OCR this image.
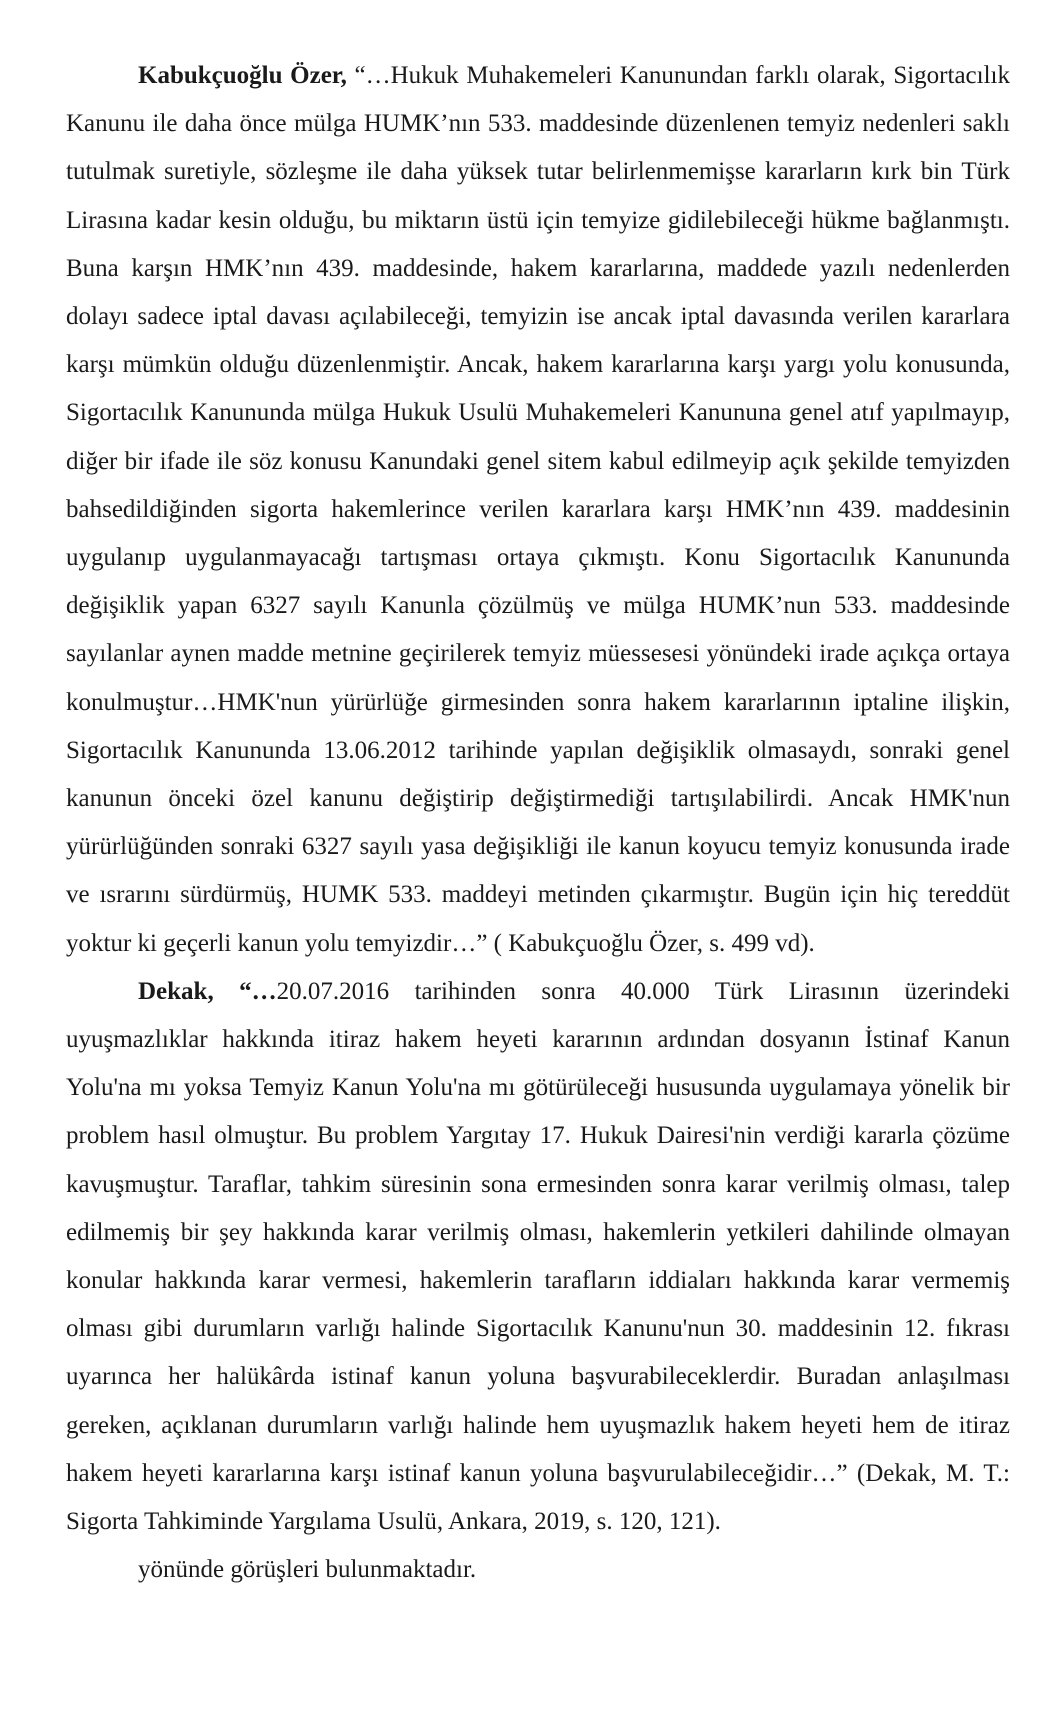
Kabukçuoğlu Özer, “…Hukuk Muhakemeleri Kanunundan farklı olarak, Sigortacılık Kanunu ile daha önce mülga HUMK’nın 533. maddesinde düzenlenen temyiz nedenleri saklı tutulmak suretiyle, sözleşme ile daha yüksek tutar belirlenmemişse kararların kırk bin Türk Lirasına kadar kesin olduğu, bu miktarın üstü için temyize gidilebileceği hükme bağlanmıştı. Buna karşın HMK’nın 439. maddesinde, hakem kararlarına, maddede yazılı nedenlerden dolayı sadece iptal davası açılabileceği, temyizin ise ancak iptal davasında verilen kararlara karşı mümkün olduğu düzenlenmiştir. Ancak, hakem kararlarına karşı yargı yolu konusunda, Sigortacılık Kanununda mülga Hukuk Usulü Muhakemeleri Kanununa genel atıf yapılmayıp, diğer bir ifade ile söz konusu Kanundaki genel sitem kabul edilmeyip açık şekilde temyizden bahsedildiğinden sigorta hakemlerince verilen kararlara karşı HMK’nın 439. maddesinin uygulanıp uygulanmayacağı tartışması ortaya çıkmıştı. Konu Sigortacılık Kanununda değişiklik yapan 6327 sayılı Kanunla çözülmüş ve mülga HUMK’nun 533. maddesinde sayılanlar aynen madde metnine geçirilerek temyiz müessesesi yönündeki irade açıkça ortaya konulmuştur…HMK'nun yürürlüğe girmesinden sonra hakem kararlarının iptaline ilişkin, Sigortacılık Kanununda 13.06.2012 tarihinde yapılan değişiklik olmasaydı, sonraki genel kanunun önceki özel kanunu değiştirip değiştirmediği tartışılabilirdi. Ancak HMK'nun yürürlüğünden sonraki 6327 sayılı yasa değişikliği ile kanun koyucu temyiz konusunda irade ve ısrarını sürdürmüş, HUMK 533. maddeyi metinden çıkarmıştır. Bugün için hiç tereddüt yoktur ki geçerli kanun yolu temyizdir…” ( Kabukçuoğlu Özer, s. 499 vd).

Dekak, “…20.07.2016 tarihinden sonra 40.000 Türk Lirasının üzerindeki uyuşmazlıklar hakkında itiraz hakem heyeti kararının ardından dosyanın İstinaf Kanun Yolu'na mı yoksa Temyiz Kanun Yolu'na mı götürüleceği hususunda uygulamaya yönelik bir problem hasıl olmuştur. Bu problem Yargıtay 17. Hukuk Dairesi'nin verdiği kararla çözüme kavuşmuştur. Taraflar, tahkim süresinin sona ermesinden sonra karar verilmiş olması, talep edilmemiş bir şey hakkında karar verilmiş olması, hakemlerin yetkileri dahilinde olmayan konular hakkında karar vermesi, hakemlerin tarafların iddiaları hakkında karar vermemiş olması gibi durumların varlığı halinde Sigortacılık Kanunu'nun 30. maddesinin 12. fıkrası uyarınca her halükârda istinaf kanun yoluna başvurabileceklerdir. Buradan anlaşılması gereken, açıklanan durumların varlığı halinde hem uyuşmazlık hakem heyeti hem de itiraz hakem heyeti kararlarına karşı istinaf kanun yoluna başvurulabileceğidir…” (Dekak, M. T.: Sigorta Tahkiminde Yargılama Usulü, Ankara, 2019, s. 120, 121).

yönünde görüşleri bulunmaktadır.
